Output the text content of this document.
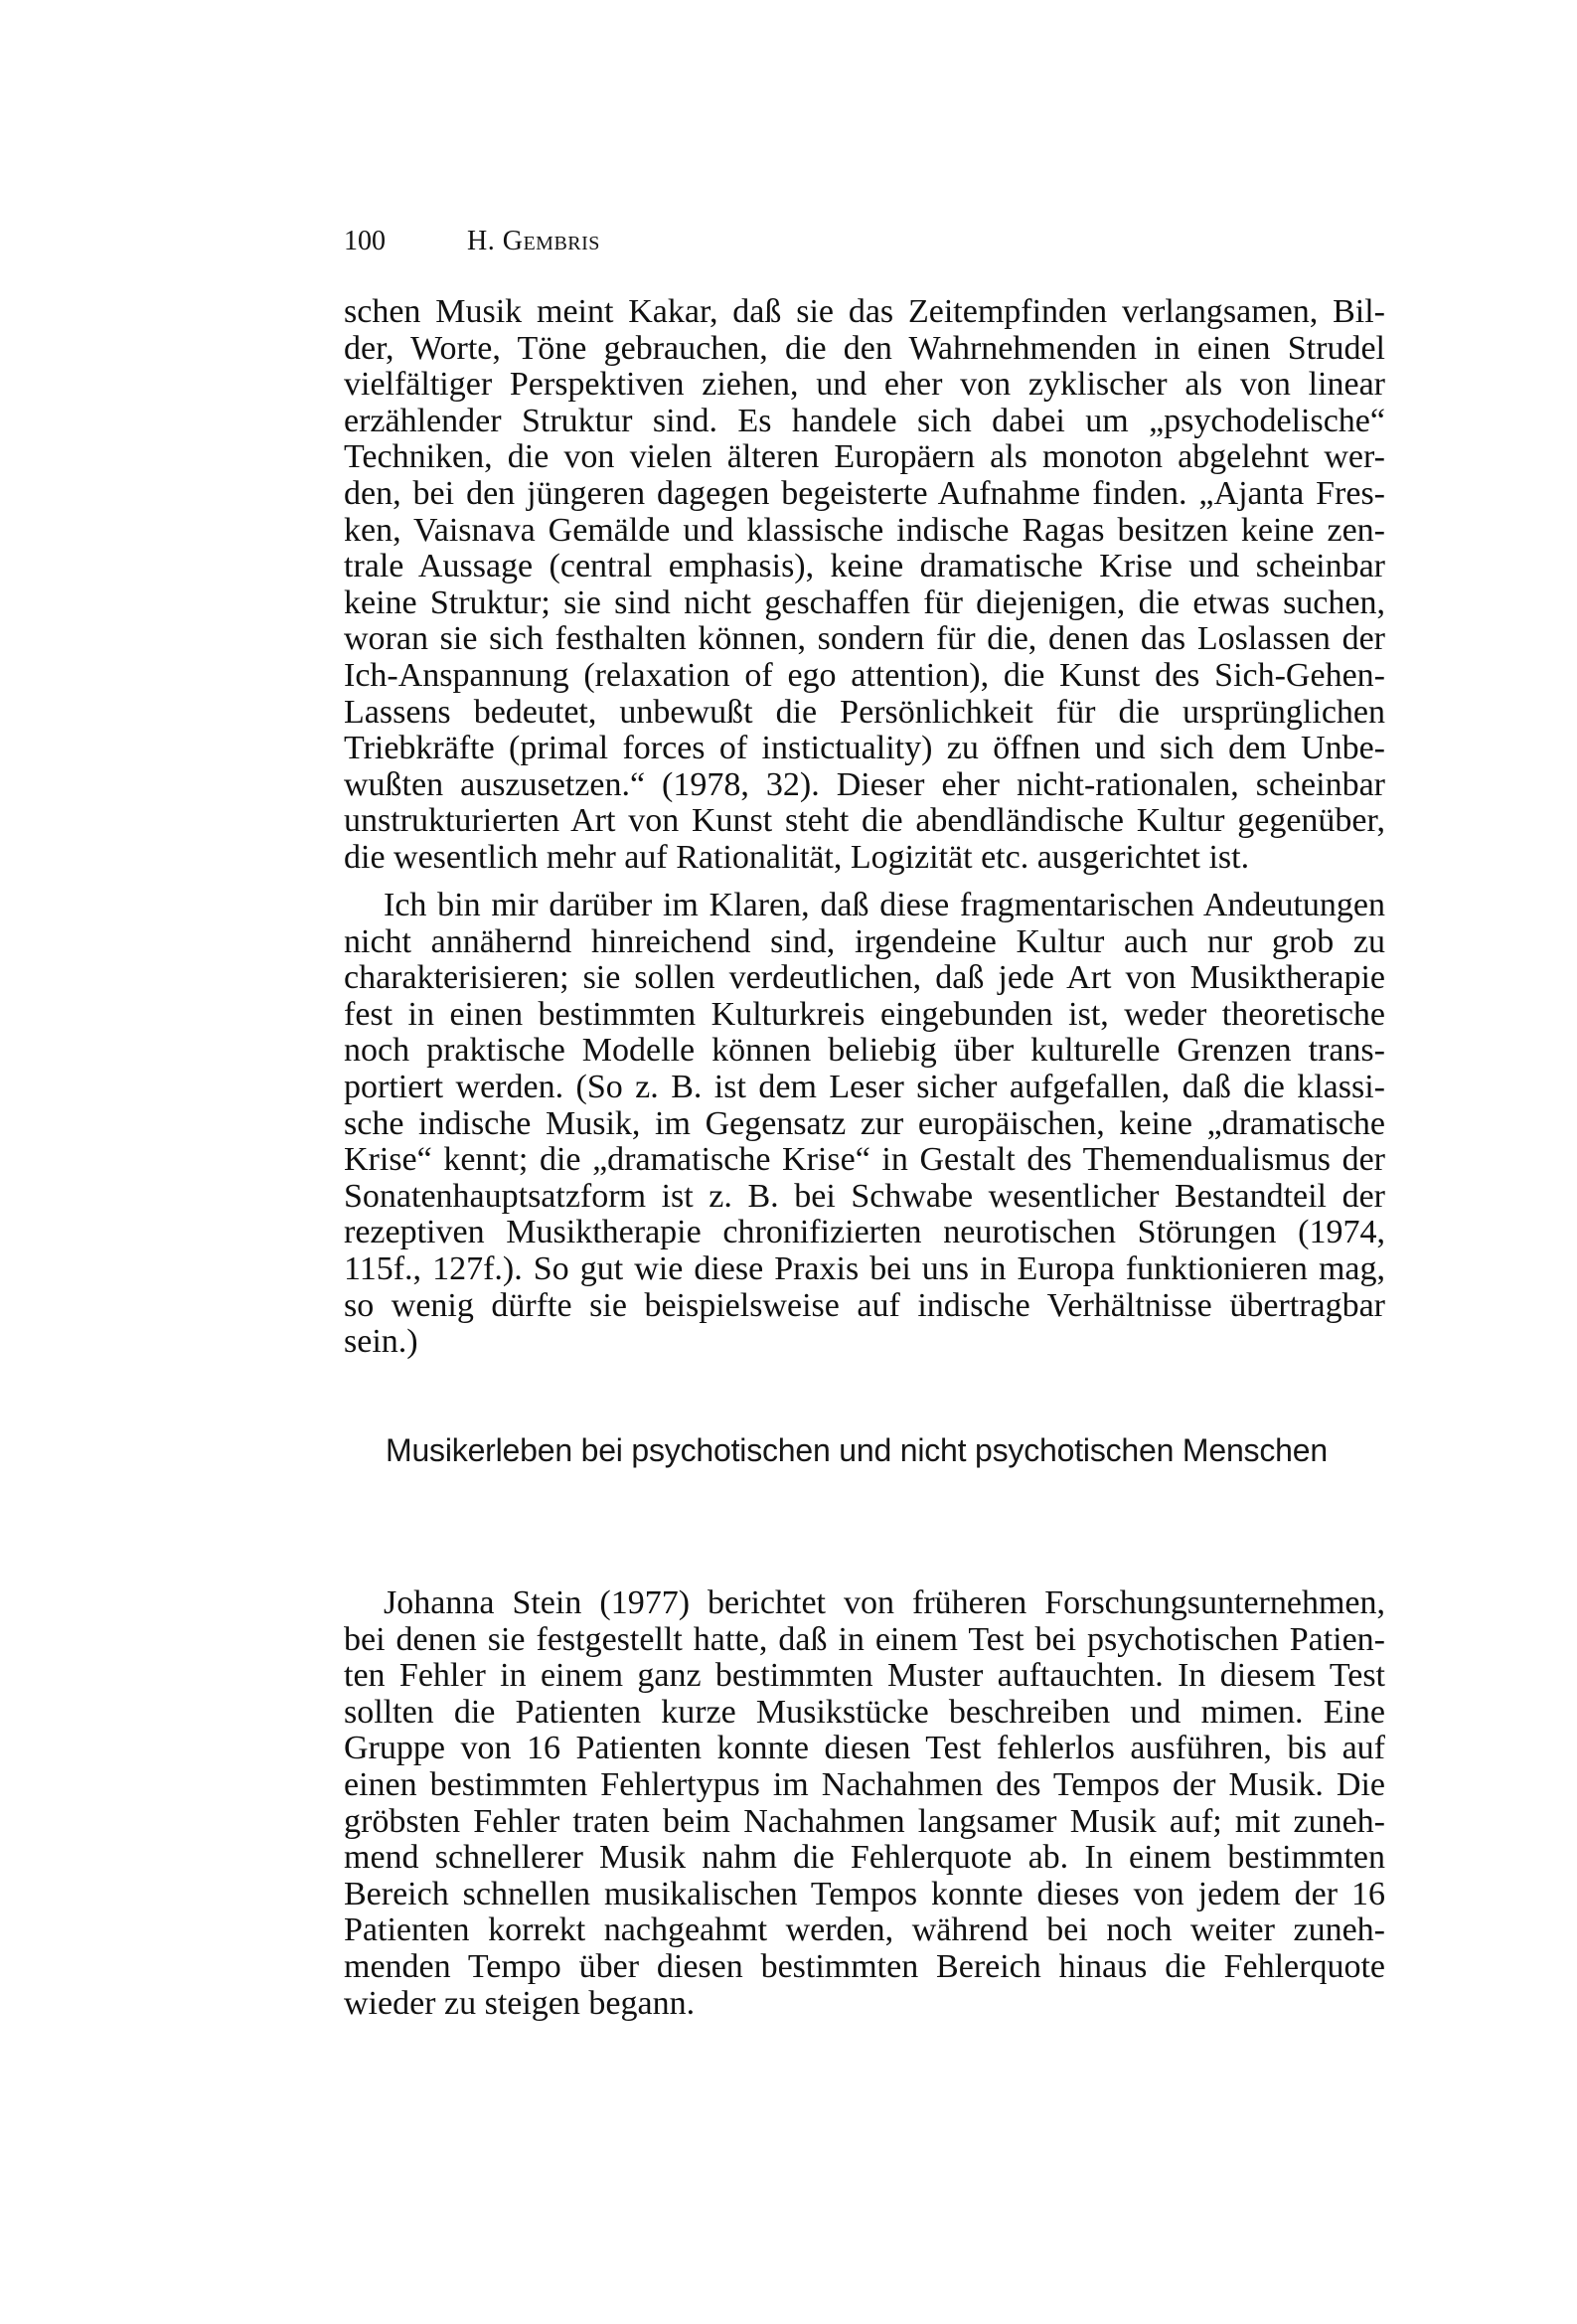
100	H. Gembris
schen Musik meint Kakar, daß sie das Zeitempfinden verlangsamen, Bil-
der, Worte, Töne gebrauchen, die den Wahrnehmenden in einen Strudel
vielfältiger Perspektiven ziehen, und eher von zyklischer als von linear
erzählender Struktur sind. Es handele sich dabei um „psychodelische“
Techniken, die von vielen älteren Europäern als monoton abgelehnt wer-
den, bei den jüngeren dagegen begeisterte Aufnahme finden. „Ajanta Fres-
ken, Vaisnava Gemälde und klassische indische Ragas besitzen keine zen-
trale Aussage (central emphasis), keine dramatische Krise und scheinbar
keine Struktur; sie sind nicht geschaffen für diejenigen, die etwas suchen,
woran sie sich festhalten können, sondern für die, denen das Loslassen der
Ich-Anspannung (relaxation of ego attention), die Kunst des Sich-Gehen-
Lassens bedeutet, unbewußt die Persönlichkeit für die ursprünglichen
Triebkräfte (primal forces of instictuality) zu öffnen und sich dem Unbe-
wußten auszusetzen.“ (1978, 32). Dieser eher nicht-rationalen, scheinbar
unstrukturierten Art von Kunst steht die abendländische Kultur gegenüber,
die wesentlich mehr auf Rationalität, Logizität etc. ausgerichtet ist.
Ich bin mir darüber im Klaren, daß diese fragmentarischen Andeutungen
nicht annähernd hinreichend sind, irgendeine Kultur auch nur grob zu
charakterisieren; sie sollen verdeutlichen, daß jede Art von Musiktherapie
fest in einen bestimmten Kulturkreis eingebunden ist, weder theoretische
noch praktische Modelle können beliebig über kulturelle Grenzen trans-
portiert werden. (So z. B. ist dem Leser sicher aufgefallen, daß die klassi-
sche indische Musik, im Gegensatz zur europäischen, keine „dramatische
Krise“ kennt; die „dramatische Krise“ in Gestalt des Themendualismus der
Sonatenhauptsatzform ist z. B. bei Schwabe wesentlicher Bestandteil der
rezeptiven Musiktherapie chronifizierten neurotischen Störungen (1974,
115f., 127f.). So gut wie diese Praxis bei uns in Europa funktionieren mag,
so wenig dürfte sie beispielsweise auf indische Verhältnisse übertragbar
sein.)
Musikerleben bei psychotischen und nicht psychotischen Menschen
Johanna Stein (1977) berichtet von früheren Forschungsunternehmen,
bei denen sie festgestellt hatte, daß in einem Test bei psychotischen Patien-
ten Fehler in einem ganz bestimmten Muster auftauchten. In diesem Test
sollten die Patienten kurze Musikstücke beschreiben und mimen. Eine
Gruppe von 16 Patienten konnte diesen Test fehlerlos ausführen, bis auf
einen bestimmten Fehlertypus im Nachahmen des Tempos der Musik. Die
gröbsten Fehler traten beim Nachahmen langsamer Musik auf; mit zuneh-
mend schnellerer Musik nahm die Fehlerquote ab. In einem bestimmten
Bereich schnellen musikalischen Tempos konnte dieses von jedem der 16
Patienten korrekt nachgeahmt werden, während bei noch weiter zuneh-
menden Tempo über diesen bestimmten Bereich hinaus die Fehlerquote
wieder zu steigen begann.
